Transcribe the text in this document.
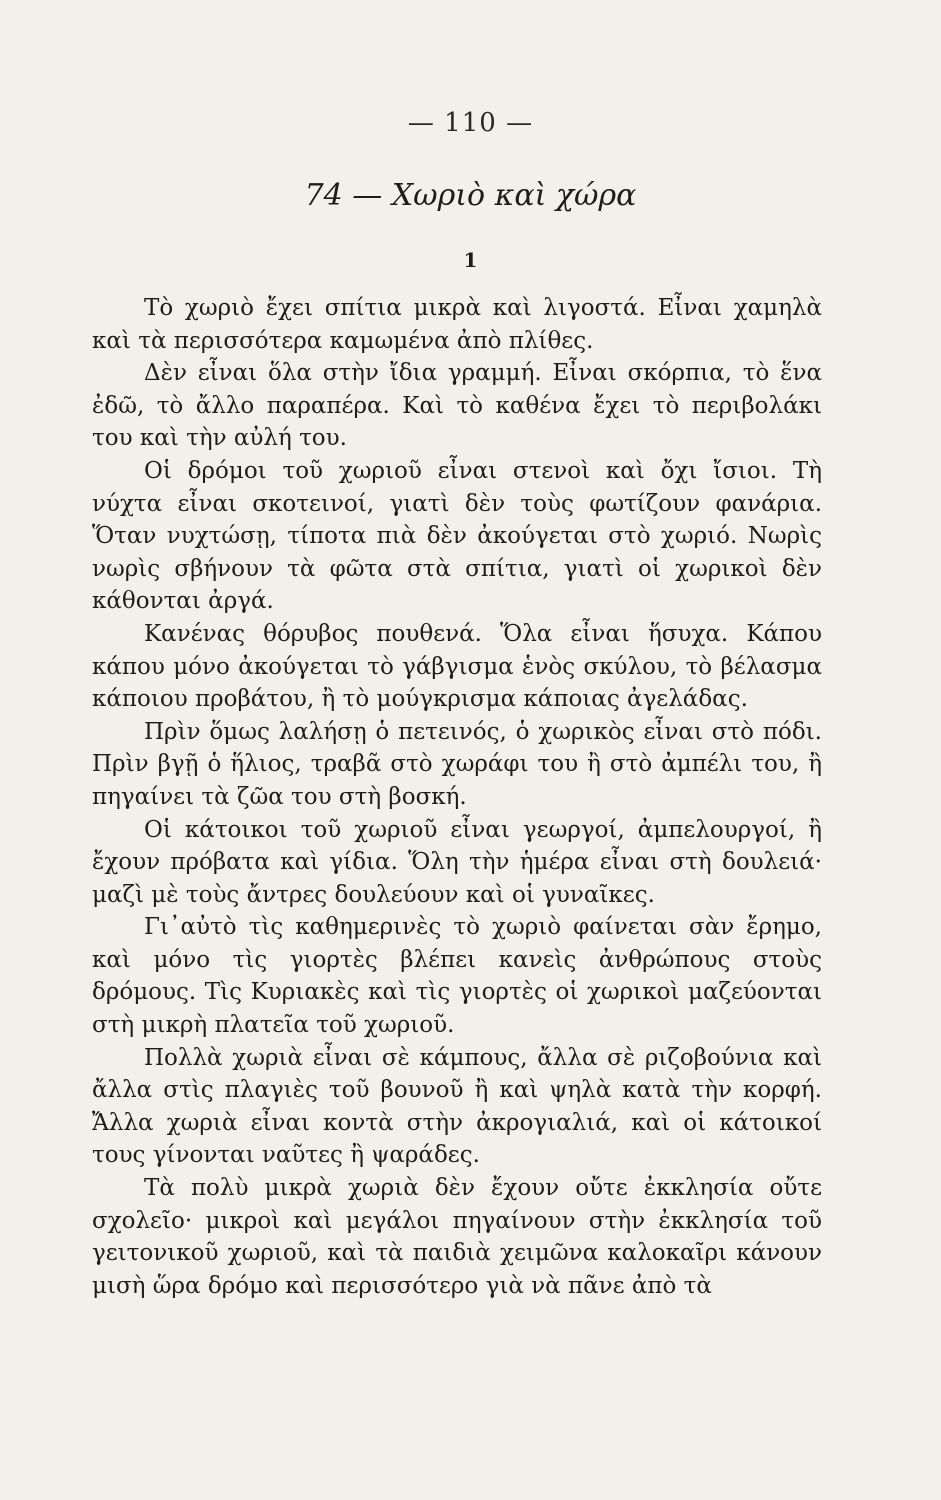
— 110 —
74 — Χωριὸ καὶ χώρα
1

Τὸ χωριὸ ἔχει σπίτια μικρὰ καὶ λιγοστά. Εἶναι χαμηλὰ καὶ τὰ περισσότερα καμωμένα ἀπὸ πλίθες.

Δὲν εἶναι ὅλα στὴν ἴδια γραμμή. Εἶναι σκόρπια, τὸ ἕνα ἐδῶ, τὸ ἄλλο παραπέρα. Καὶ τὸ καθένα ἔχει τὸ περιβολάκι του καὶ τὴν αὐλή του.

Οἱ δρόμοι τοῦ χωριοῦ εἶναι στενοὶ καὶ ὄχι ἴσιοι. Τὴ νύχτα εἶναι σκοτεινοί, γιατὶ δὲν τοὺς φωτίζουν φανάρια. Ὅταν νυχτώσῃ, τίποτα πιὰ δὲν ἀκούγεται στὸ χωριό. Νωρὶς νωρὶς σβήνουν τὰ φῶτα στὰ σπίτια, γιατὶ οἱ χωρικοὶ δὲν κάθονται ἀργά.

Κανένας θόρυβος πουθενά. Ὅλα εἶναι ἥσυχα. Κάπου κάπου μόνο ἀκούγεται τὸ γάβγισμα ἑνὸς σκύλου, τὸ βέλασμα κάποιου προβάτου, ἢ τὸ μούγκρισμα κάποιας ἀγελάδας.

Πρὶν ὅμως λαλήσῃ ὁ πετεινός, ὁ χωρικὸς εἶναι στὸ πόδι. Πρὶν βγῇ ὁ ἥλιος, τραβᾶ στὸ χωράφι του ἢ στὸ ἀμπέλι του, ἢ πηγαίνει τὰ ζῶα του στὴ βοσκή.

Οἱ κάτοικοι τοῦ χωριοῦ εἶναι γεωργοί, ἀμπελουργοί, ἢ ἔχουν πρόβατα καὶ γίδια. Ὅλη τὴν ἡμέρα εἶναι στὴ δουλειά· μαζὶ μὲ τοὺς ἄντρες δουλεύουν καὶ οἱ γυναῖκες.

Γι᾿αὐτὸ τὶς καθημερινὲς τὸ χωριὸ φαίνεται σὰν ἔρημο, καὶ μόνο τὶς γιορτὲς βλέπει κανεὶς ἀνθρώπους στοὺς δρόμους. Τὶς Κυριακὲς καὶ τὶς γιορτὲς οἱ χωρικοὶ μαζεύονται στὴ μικρὴ πλατεῖα τοῦ χωριοῦ.

Πολλὰ χωριὰ εἶναι σὲ κάμπους, ἄλλα σὲ ριζοβούνια καὶ ἄλλα στὶς πλαγιὲς τοῦ βουνοῦ ἢ καὶ ψηλὰ κατὰ τὴν κορφή. Ἄλλα χωριὰ εἶναι κοντὰ στὴν ἀκρογιαλιά, καὶ οἱ κάτοικοί τους γίνονται ναῦτες ἢ ψαράδες.

Τὰ πολὺ μικρὰ χωριὰ δὲν ἔχουν οὔτε ἐκκλησία οὔτε σχολεῖο· μικροὶ καὶ μεγάλοι πηγαίνουν στὴν ἐκκλησία τοῦ γειτονικοῦ χωριοῦ, καὶ τὰ παιδιὰ χειμῶνα καλοκαῖρι κάνουν μισὴ ὥρα δρόμο καὶ περισσότερο γιὰ νὰ πᾶνε ἀπὸ τὰ
